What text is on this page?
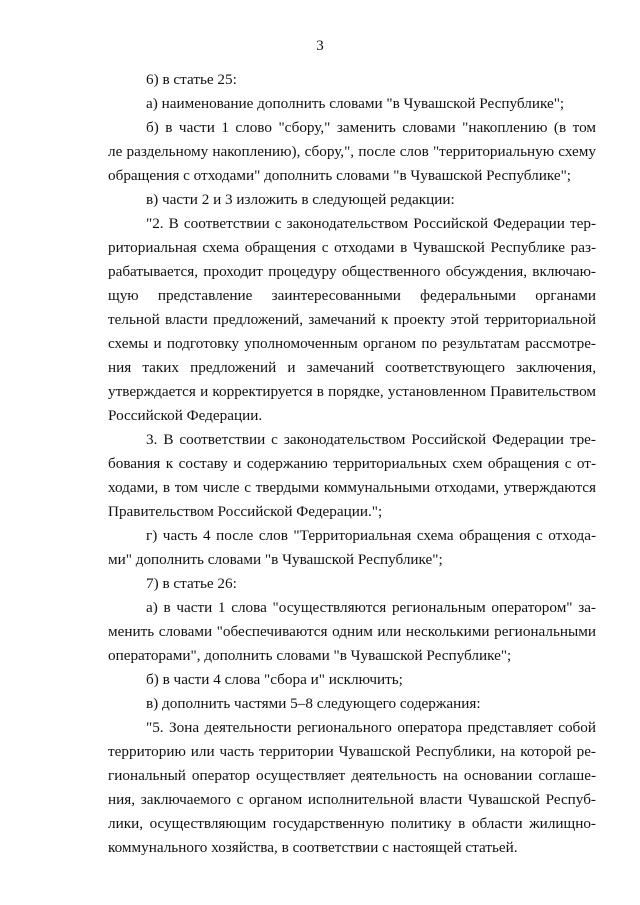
3
6) в статье 25:
а) наименование дополнить словами "в Чувашской Республике";
б) в части 1 слово "сбору," заменить словами "накоплению (в том
ле раздельному накоплению), сбору,", после слов "территориальную схему
обращения с отходами" дополнить словами "в Чувашской Республике";
в) части 2 и 3 изложить в следующей редакции:
"2. В соответствии с законодательством Российской Федерации тер-
риториальная схема обращения с отходами в Чувашской Республике раз-
рабатывается, проходит процедуру общественного обсуждения, включаю-
щую представление заинтересованными федеральными органами
тельной власти предложений, замечаний к проекту этой территориальной
схемы и подготовку уполномоченным органом по результатам рассмотре-
ния таких предложений и замечаний соответствующего заключения,
утверждается и корректируется в порядке, установленном Правительством
Российской Федерации.
3. В соответствии с законодательством Российской Федерации тре-
бования к составу и содержанию территориальных схем обращения с от-
ходами, в том числе с твердыми коммунальными отходами, утверждаются
Правительством Российской Федерации.";
г) часть 4 после слов "Территориальная схема обращения с отхода-
ми" дополнить словами "в Чувашской Республике";
7) в статье 26:
а) в части 1 слова "осуществляются региональным оператором" за-
менить словами "обеспечиваются одним или несколькими региональными
операторами", дополнить словами "в Чувашской Республике";
б) в части 4 слова "сбора и" исключить;
в) дополнить частями 5–8 следующего содержания:
"5. Зона деятельности регионального оператора представляет собой
территорию или часть территории Чувашской Республики, на которой ре-
гиональный оператор осуществляет деятельность на основании соглаше-
ния, заключаемого с органом исполнительной власти Чувашской Респуб-
лики, осуществляющим государственную политику в области жилищно-
коммунального хозяйства, в соответствии с настоящей статьей.
